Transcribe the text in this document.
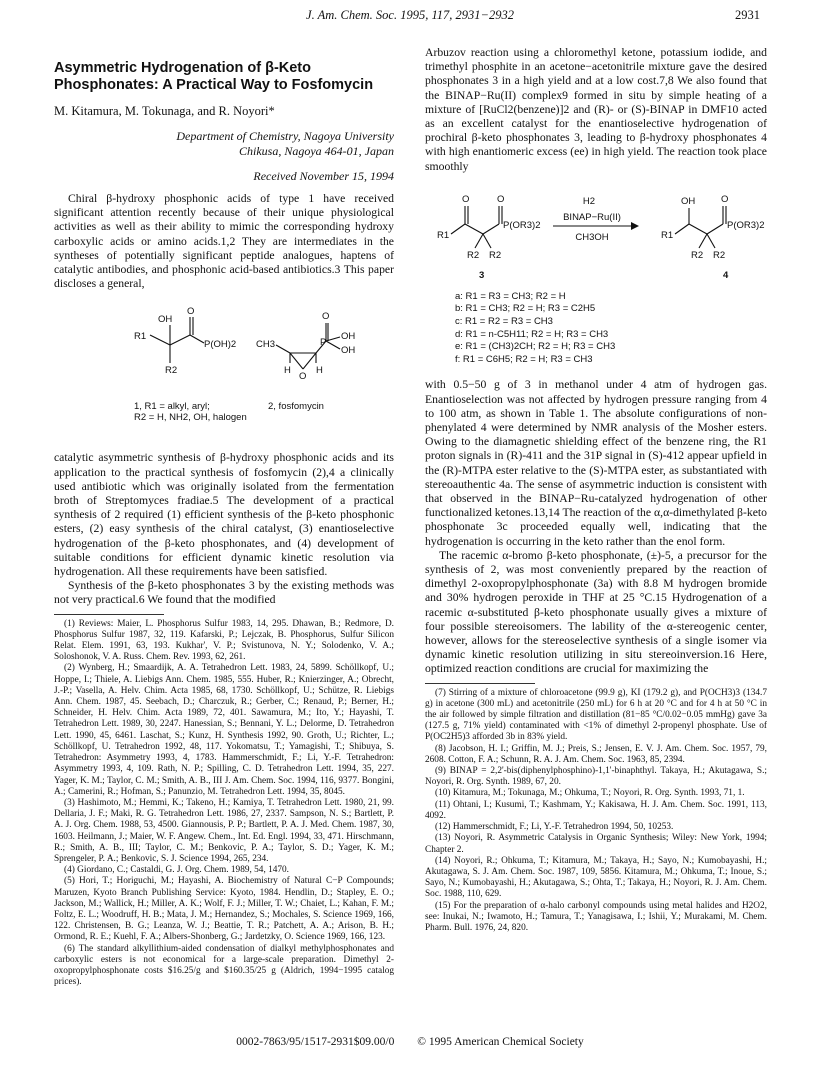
J. Am. Chem. Soc. 1995, 117, 2931−2932	2931
Asymmetric Hydrogenation of β-Keto Phosphonates: A Practical Way to Fosfomycin
M. Kitamura, M. Tokunaga, and R. Noyori*

Department of Chemistry, Nagoya University

Chikusa, Nagoya 464-01, Japan

Received November 15, 1994

Chiral β-hydroxy phosphonic acids of type 1 have received significant attention recently because of their unique physiological activities as well as their ability to mimic the corresponding hydroxy carboxylic acids or amino acids.1,2 They are intermediates in the syntheses of potentially significant peptide analogues, haptens of catalytic antibodies, and phosphonic acid-based antibiotics.3 This paper discloses a general,

OH
O
P(OH)2
R1
R2
CH3
O
P
OH
OH
H	H
O
1, R1 = alkyl, aryl;
R2 = H, NH2, OH, halogen
2, fosfomycin

catalytic asymmetric synthesis of β-hydroxy phosphonic acids and its application to the practical synthesis of fosfomycin (2),4 a clinically used antibiotic which was originally isolated from the fermentation broth of Streptomyces fradiae.5 The development of a practical synthesis of 2 required (1) efficient synthesis of the β-keto phosphonic esters, (2) easy synthesis of the chiral catalyst, (3) enantioselective hydrogenation of the β-keto phosphonates, and (4) development of suitable conditions for efficient dynamic kinetic resolution via hydrogenation. All these requirements have been satisfied.

Synthesis of the β-keto phosphonates 3 by the existing methods was not very practical.6 We found that the modified

(1) Reviews: Maier, L. Phosphorus Sulfur 1983, 14, 295. Dhawan, B.; Redmore, D. Phosphorus Sulfur 1987, 32, 119. Kafarski, P.; Lejczak, B. Phosphorus, Sulfur Silicon Relat. Elem. 1991, 63, 193. Kukhar', V. P.; Svistunova, N. Y.; Solodenko, V. A.; Soloshonok, V. A. Russ. Chem. Rev. 1993, 62, 261.

(2) Wynberg, H.; Smaardijk, A. A. Tetrahedron Lett. 1983, 24, 5899. Schöllkopf, U.; Hoppe, I.; Thiele, A. Liebigs Ann. Chem. 1985, 555. Huber, R.; Knierzinger, A.; Obrecht, J.-P.; Vasella, A. Helv. Chim. Acta 1985, 68, 1730. Schöllkopf, U.; Schütze, R. Liebigs Ann. Chem. 1987, 45. Seebach, D.; Charczuk, R.; Gerber, C.; Renaud, P.; Berner, H.; Schneider, H. Helv. Chim. Acta 1989, 72, 401. Sawamura, M.; Ito, Y.; Hayashi, T. Tetrahedron Lett. 1989, 30, 2247. Hanessian, S.; Bennani, Y. L.; Delorme, D. Tetrahedron Lett. 1990, 45, 6461. Laschat, S.; Kunz, H. Synthesis 1992, 90. Groth, U.; Richter, L.; Schöllkopf, U. Tetrahedron 1992, 48, 117. Yokomatsu, T.; Yamagishi, T.; Shibuya, S. Tetrahedron: Asymmetry 1993, 4, 1783. Hammerschmidt, F.; Li, Y.-F. Tetrahedron: Asymmetry 1993, 4, 109. Rath, N. P.; Spilling, C. D. Tetrahedron Lett. 1994, 35, 227. Yager, K. M.; Taylor, C. M.; Smith, A. B., III J. Am. Chem. Soc. 1994, 116, 9377. Bongini, A.; Camerini, R.; Hofman, S.; Panunzio, M. Tetrahedron Lett. 1994, 35, 8045.

(3) Hashimoto, M.; Hemmi, K.; Takeno, H.; Kamiya, T. Tetrahedron Lett. 1980, 21, 99. Dellaria, J. F.; Maki, R. G. Tetrahedron Lett. 1986, 27, 2337. Sampson, N. S.; Bartlett, P. A. J. Org. Chem. 1988, 53, 4500. Giannousis, P. P.; Bartlett, P. A. J. Med. Chem. 1987, 30, 1603. Heilmann, J.; Maier, W. F. Angew. Chem., Int. Ed. Engl. 1994, 33, 471. Hirschmann, R.; Smith, A. B., III; Taylor, C. M.; Benkovic, P. A.; Taylor, S. D.; Yager, K. M.; Sprengeler, P. A.; Benkovic, S. J. Science 1994, 265, 234.

(4) Giordano, C.; Castaldi, G. J. Org. Chem. 1989, 54, 1470.

(5) Hori, T.; Horiguchi, M.; Hayashi, A. Biochemistry of Natural C−P Compounds; Maruzen, Kyoto Branch Publishing Service: Kyoto, 1984. Hendlin, D.; Stapley, E. O.; Jackson, M.; Wallick, H.; Miller, A. K.; Wolf, F. J.; Miller, T. W.; Chaiet, L.; Kahan, F. M.; Foltz, E. L.; Woodruff, H. B.; Mata, J. M.; Hernandez, S.; Mochales, S. Science 1969, 166, 122. Christensen, B. G.; Leanza, W. J.; Beattie, T. R.; Patchett, A. A.; Arison, B. H.; Ormond, R. E.; Kuehl, F. A.; Albers-Shonberg, G.; Jardetzky, O. Science 1969, 166, 123.

(6) The standard alkyllithium-aided condensation of dialkyl methylphosphonates and carboxylic esters is not economical for a large-scale preparation. Dimethyl 2-oxopropylphosphonate costs $16.25/g and $160.35/25 g (Aldrich, 1994−1995 catalog prices).

Arbuzov reaction using a chloromethyl ketone, potassium iodide, and trimethyl phosphite in an acetone−acetonitrile mixture gave the desired phosphonates 3 in a high yield and at a low cost.7,8 We also found that the BINAP−Ru(II) complex9 formed in situ by simple heating of a mixture of [RuCl2(benzene)]2 and (R)- or (S)-BINAP in DMF10 acted as an excellent catalyst for the enantioselective hydrogenation of prochiral β-keto phosphonates 3, leading to β-hydroxy phosphonates 4 with high enantiomeric excess (ee) in high yield. The reaction took place smoothly

O	O
P(OR3)2
R1
R2 R2
3
H2
BINAP−Ru(II)
CH3OH
OH	O
P(OR3)2
R1
R2 R2
4
a: R1 = R3 = CH3; R2 = H
b: R1 = CH3; R2 = H; R3 = C2H5
c: R1 = R2 = R3 = CH3
d: R1 = n-C5H11; R2 = H; R3 = CH3
e: R1 = (CH3)2CH; R2 = H; R3 = CH3
f: R1 = C6H5; R2 = H; R3 = CH3

with 0.5−50 g of 3 in methanol under 4 atm of hydrogen gas. Enantioselection was not affected by hydrogen pressure ranging from 4 to 100 atm, as shown in Table 1. The absolute configurations of non-phenylated 4 were determined by NMR analysis of the Mosher esters. Owing to the diamagnetic shielding effect of the benzene ring, the R1 proton signals in (R)-411 and the 31P signal in (S)-412 appear upfield in the (R)-MTPA ester relative to the (S)-MTPA ester, as substantiated with stereoauthentic 4a. The sense of asymmetric induction is consistent with that observed in the BINAP−Ru-catalyzed hydrogenation of other functionalized ketones.13,14 The reaction of the α,α-dimethylated β-keto phosphonate 3c proceeded equally well, indicating that the hydrogenation is occurring in the keto rather than the enol form.

The racemic α-bromo β-keto phosphonate, (±)-5, a precursor for the synthesis of 2, was most conveniently prepared by the reaction of dimethyl 2-oxopropylphosphonate (3a) with 8.8 M hydrogen bromide and 30% hydrogen peroxide in THF at 25 °C.15 Hydrogenation of a racemic α-substituted β-keto phosphonate usually gives a mixture of four possible stereoisomers. The lability of the α-stereogenic center, however, allows for the stereoselective synthesis of a single isomer via dynamic kinetic resolution utilizing in situ stereoinversion.16 Here, optimized reaction conditions are crucial for maximizing the

(7) Stirring of a mixture of chloroacetone (99.9 g), KI (179.2 g), and P(OCH3)3 (134.7 g) in acetone (300 mL) and acetonitrile (250 mL) for 6 h at 20 °C and for 4 h at 50 °C in the air followed by simple filtration and distillation (81−85 °C/0.02−0.05 mmHg) gave 3a (127.5 g, 71% yield) contaminated with <1% of dimethyl 2-propenyl phosphate. Use of P(OC2H5)3 afforded 3b in 83% yield.

(8) Jacobson, H. I.; Griffin, M. J.; Preis, S.; Jensen, E. V. J. Am. Chem. Soc. 1957, 79, 2608. Cotton, F. A.; Schunn, R. A. J. Am. Chem. Soc. 1963, 85, 2394.

(9) BINAP = 2,2'-bis(diphenylphosphino)-1,1'-binaphthyl. Takaya, H.; Akutagawa, S.; Noyori, R. Org. Synth. 1989, 67, 20.

(10) Kitamura, M.; Tokunaga, M.; Ohkuma, T.; Noyori, R. Org. Synth. 1993, 71, 1.

(11) Ohtani, I.; Kusumi, T.; Kashmam, Y.; Kakisawa, H. J. Am. Chem. Soc. 1991, 113, 4092.

(12) Hammerschmidt, F.; Li, Y.-F. Tetrahedron 1994, 50, 10253.

(13) Noyori, R. Asymmetric Catalysis in Organic Synthesis; Wiley: New York, 1994; Chapter 2.

(14) Noyori, R.; Ohkuma, T.; Kitamura, M.; Takaya, H.; Sayo, N.; Kumobayashi, H.; Akutagawa, S. J. Am. Chem. Soc. 1987, 109, 5856. Kitamura, M.; Ohkuma, T.; Inoue, S.; Sayo, N.; Kumobayashi, H.; Akutagawa, S.; Ohta, T.; Takaya, H.; Noyori, R. J. Am. Chem. Soc. 1988, 110, 629.

(15) For the preparation of α-halo carbonyl compounds using metal halides and H2O2, see: Inukai, N.; Iwamoto, H.; Tamura, T.; Yanagisawa, I.; Ishii, Y.; Murakami, M. Chem. Pharm. Bull. 1976, 24, 820.

0002-7863/95/1517-2931$09.00/0 © 1995 American Chemical Society
